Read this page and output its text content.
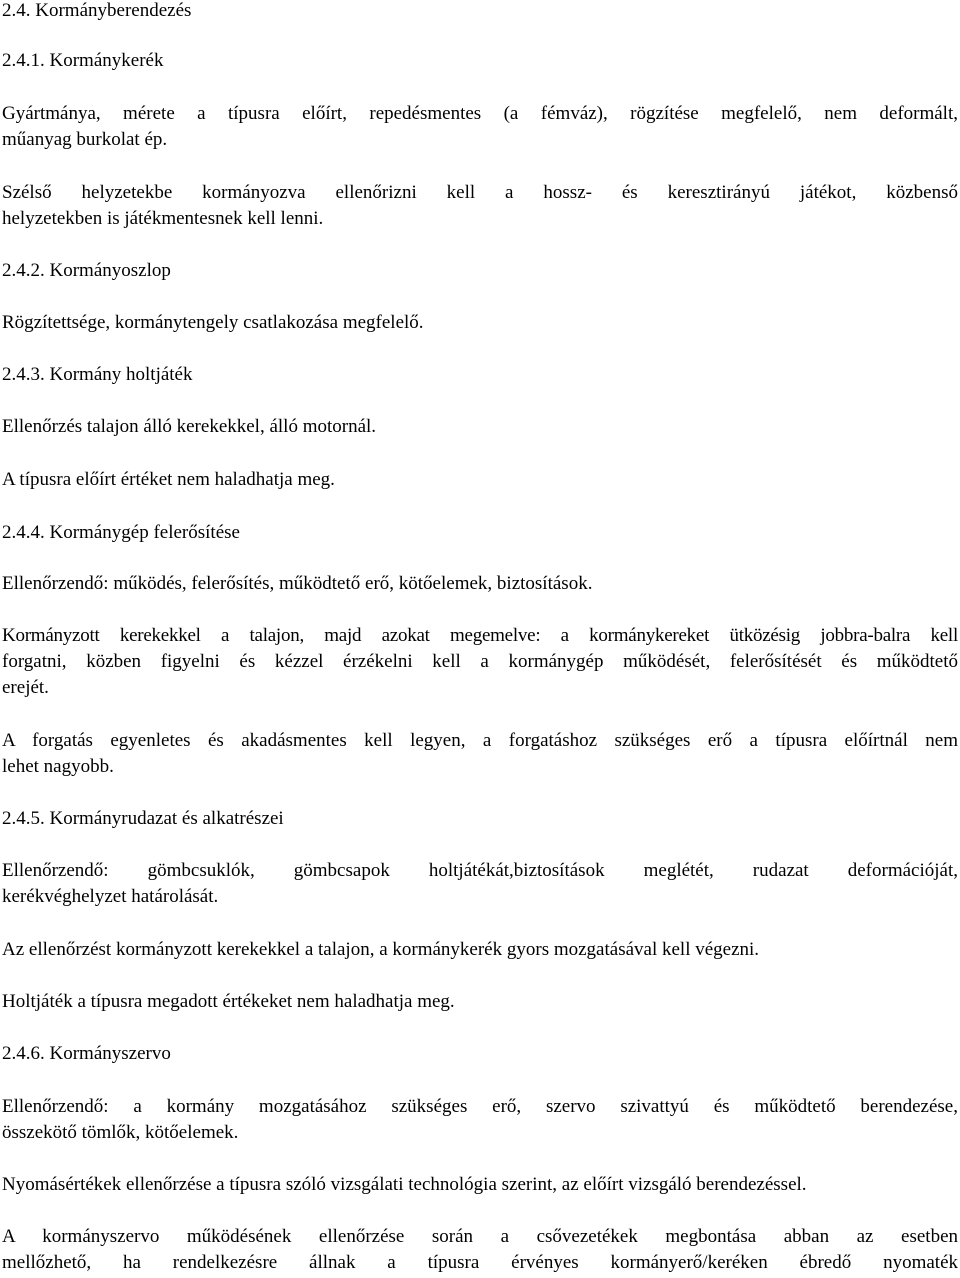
2.4. Kormányberendezés
2.4.1. Kormánykerék
Gyártmánya, mérete a típusra előírt, repedésmentes (a fémváz), rögzítése megfelelő, nem deformált,
műanyag burkolat ép.
Szélső helyzetekbe kormányozva ellenőrizni kell a hossz- és keresztirányú játékot, közbenső
helyzetekben is játékmentesnek kell lenni.
2.4.2. Kormányoszlop
Rögzítettsége, kormánytengely csatlakozása megfelelő.
2.4.3. Kormány holtjáték
Ellenőrzés talajon álló kerekekkel, álló motornál.
A típusra előírt értéket nem haladhatja meg.
2.4.4. Kormánygép felerősítése
Ellenőrzendő: működés, felerősítés, működtető erő, kötőelemek, biztosítások.
Kormányzott kerekekkel a talajon, majd azokat megemelve: a kormánykereket ütközésig jobbra-balra kell
forgatni, közben figyelni és kézzel érzékelni kell a kormánygép működését, felerősítését és működtető
erejét.
A forgatás egyenletes és akadásmentes kell legyen, a forgatáshoz szükséges erő a típusra előírtnál nem
lehet nagyobb.
2.4.5. Kormányrudazat és alkatrészei
Ellenőrzendő: gömbcsuklók, gömbcsapok holtjátékát,biztosítások meglétét, rudazat deformációját,
kerékvéghelyzet határolását.
Az ellenőrzést kormányzott kerekekkel a talajon, a kormánykerék gyors mozgatásával kell végezni.
Holtjáték a típusra megadott értékeket nem haladhatja meg.
2.4.6. Kormányszervo
Ellenőrzendő: a kormány mozgatásához szükséges erő, szervo szivattyú és működtető berendezése,
összekötő tömlők, kötőelemek.
Nyomásértékek ellenőrzése a típusra szóló vizsgálati technológia szerint, az előírt vizsgáló berendezéssel.
A kormányszervo működésének ellenőrzése során a csővezetékek megbontása abban az esetben
mellőzhető, ha rendelkezésre állnak a típusra érvényes kormányerő/keréken ébredő nyomaték
